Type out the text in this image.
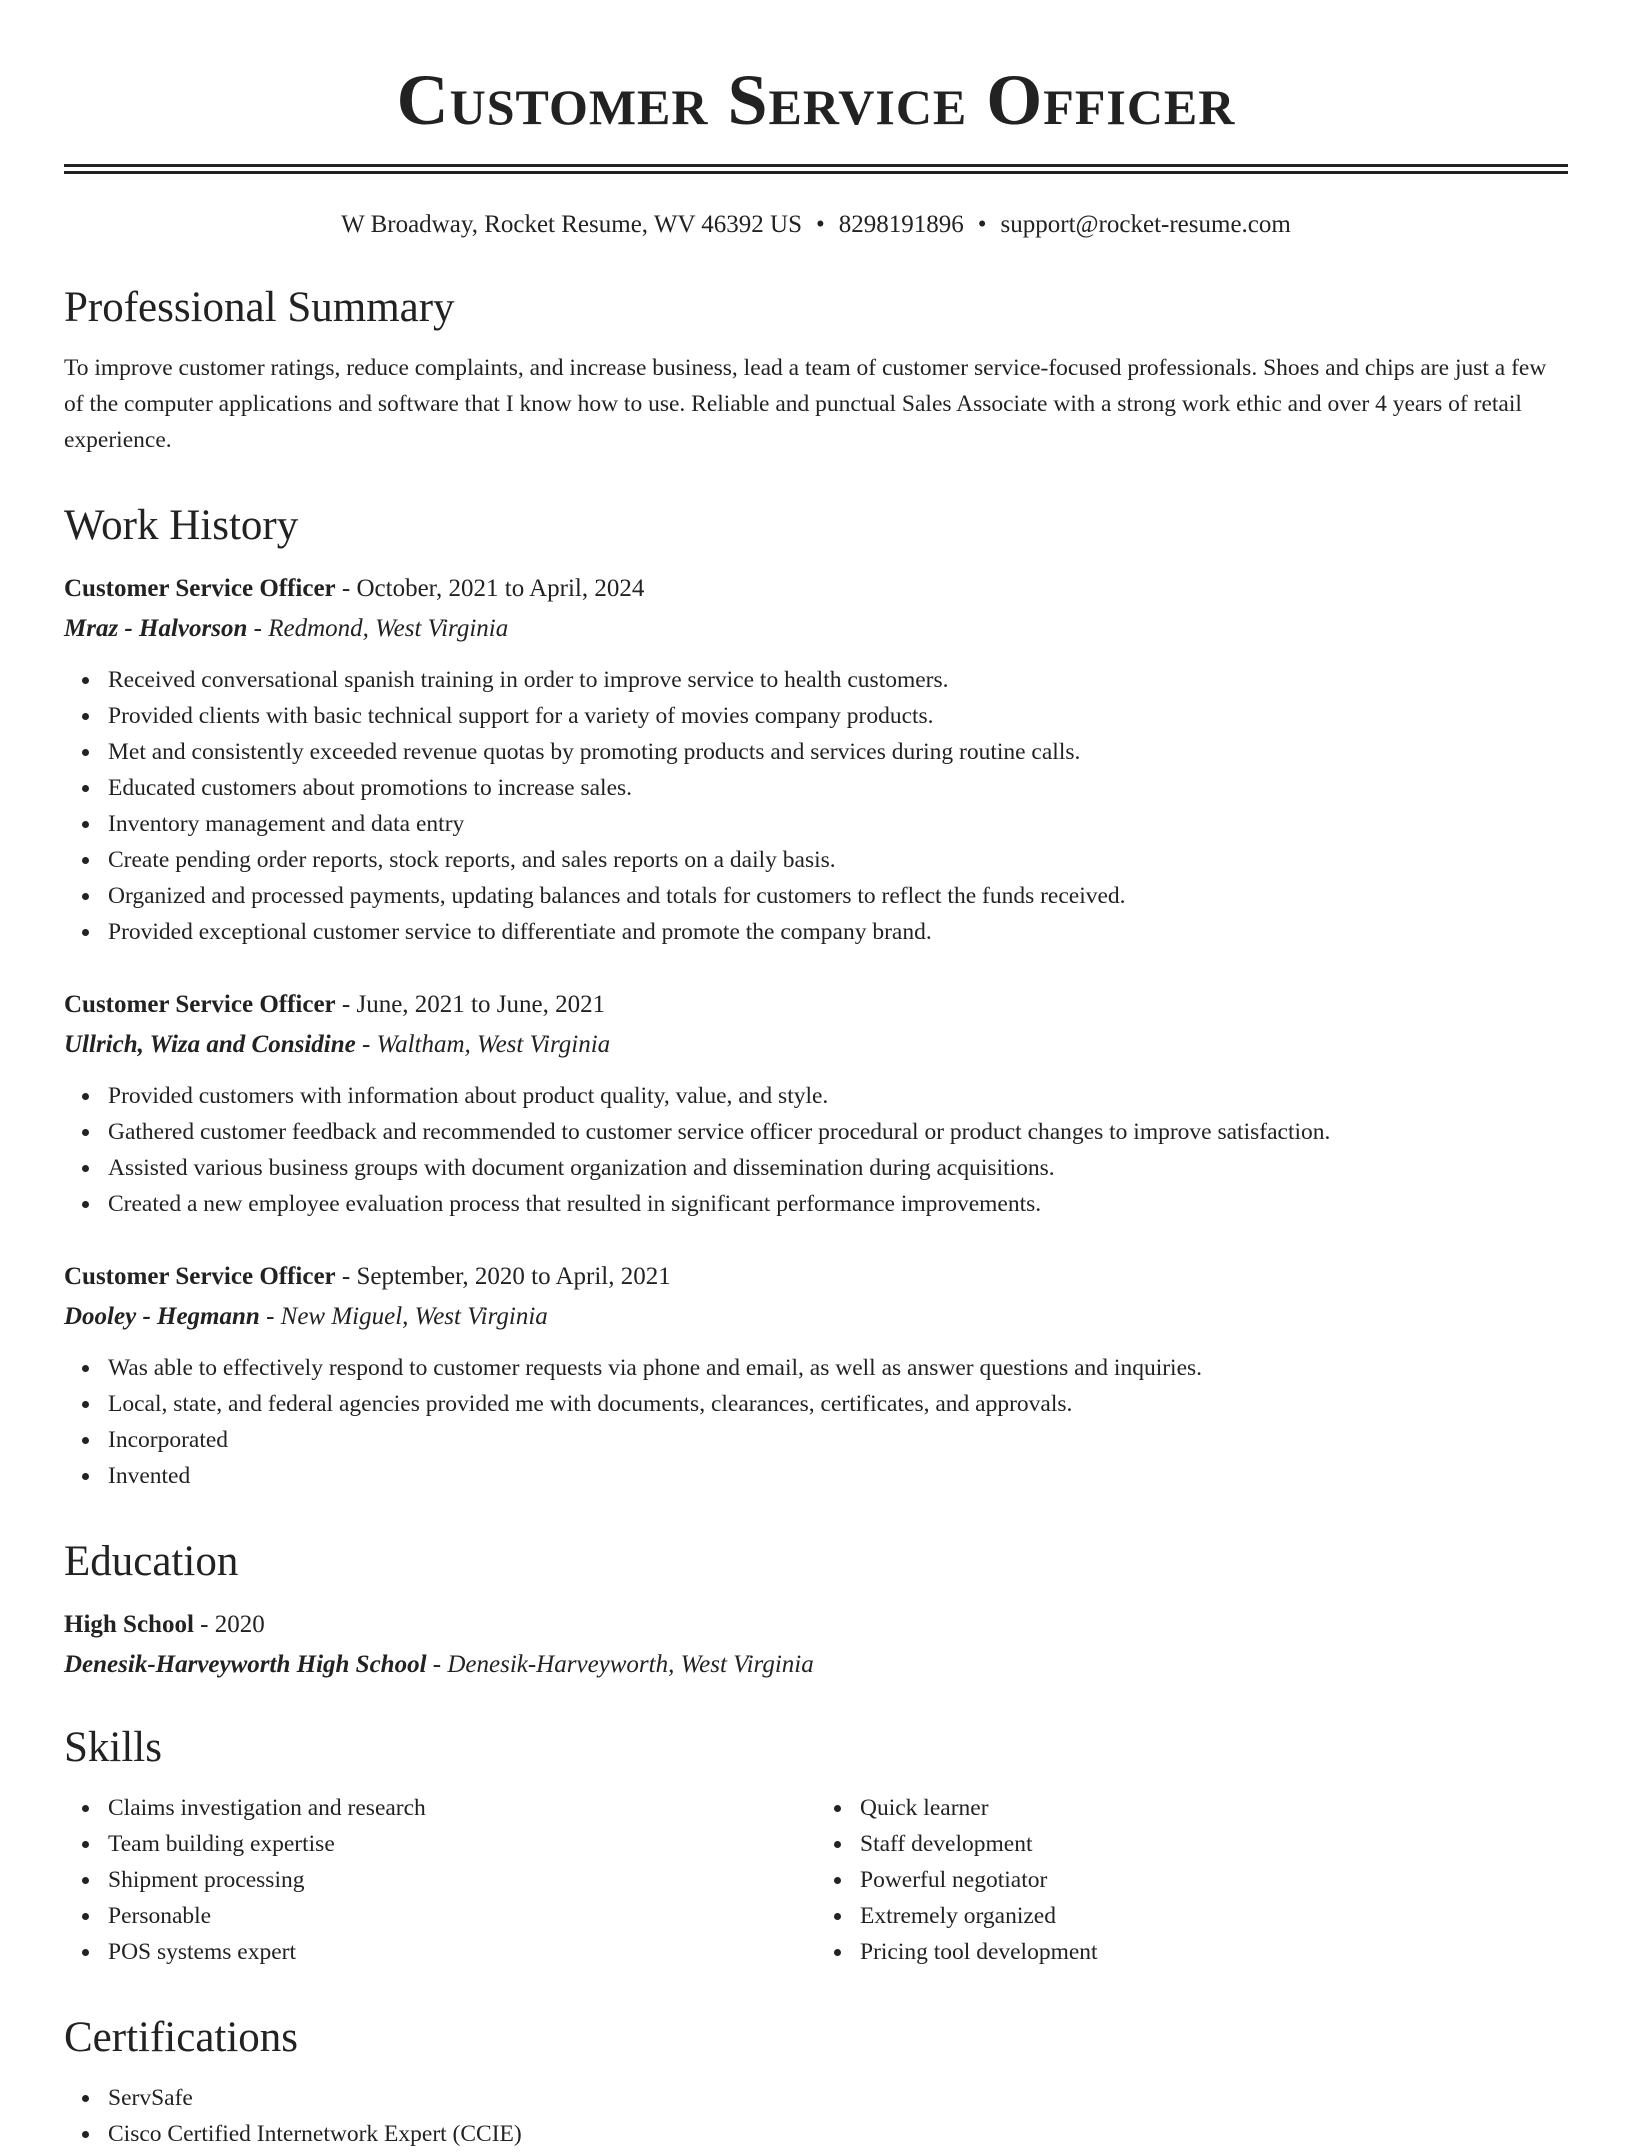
Customer Service Officer
W Broadway, Rocket Resume, WV 46392 US • 8298191896 • support@rocket-resume.com
Professional Summary

To improve customer ratings, reduce complaints, and increase business, lead a team of customer service-focused professionals. Shoes and chips are just a few of the computer applications and software that I know how to use. Reliable and punctual Sales Associate with a strong work ethic and over 4 years of retail experience.

Work History
Customer Service Officer - October, 2021 to April, 2024
Mraz - Halvorson - Redmond, West Virginia
Received conversational spanish training in order to improve service to health customers.
Provided clients with basic technical support for a variety of movies company products.
Met and consistently exceeded revenue quotas by promoting products and services during routine calls.
Educated customers about promotions to increase sales.
Inventory management and data entry
Create pending order reports, stock reports, and sales reports on a daily basis.
Organized and processed payments, updating balances and totals for customers to reflect the funds received.
Provided exceptional customer service to differentiate and promote the company brand.
Customer Service Officer - June, 2021 to June, 2021
Ullrich, Wiza and Considine - Waltham, West Virginia
Provided customers with information about product quality, value, and style.
Gathered customer feedback and recommended to customer service officer procedural or product changes to improve satisfaction.
Assisted various business groups with document organization and dissemination during acquisitions.
Created a new employee evaluation process that resulted in significant performance improvements.
Customer Service Officer - September, 2020 to April, 2021
Dooley - Hegmann - New Miguel, West Virginia
Was able to effectively respond to customer requests via phone and email, as well as answer questions and inquiries.
Local, state, and federal agencies provided me with documents, clearances, certificates, and approvals.
Incorporated
Invented
Education
High School - 2020
Denesik-Harveyworth High School - Denesik-Harveyworth, West Virginia
Skills
Claims investigation and research
Team building expertise
Shipment processing
Personable
POS systems expert
Quick learner
Staff development
Powerful negotiator
Extremely organized
Pricing tool development
Certifications
ServSafe
Cisco Certified Internetwork Expert (CCIE)
